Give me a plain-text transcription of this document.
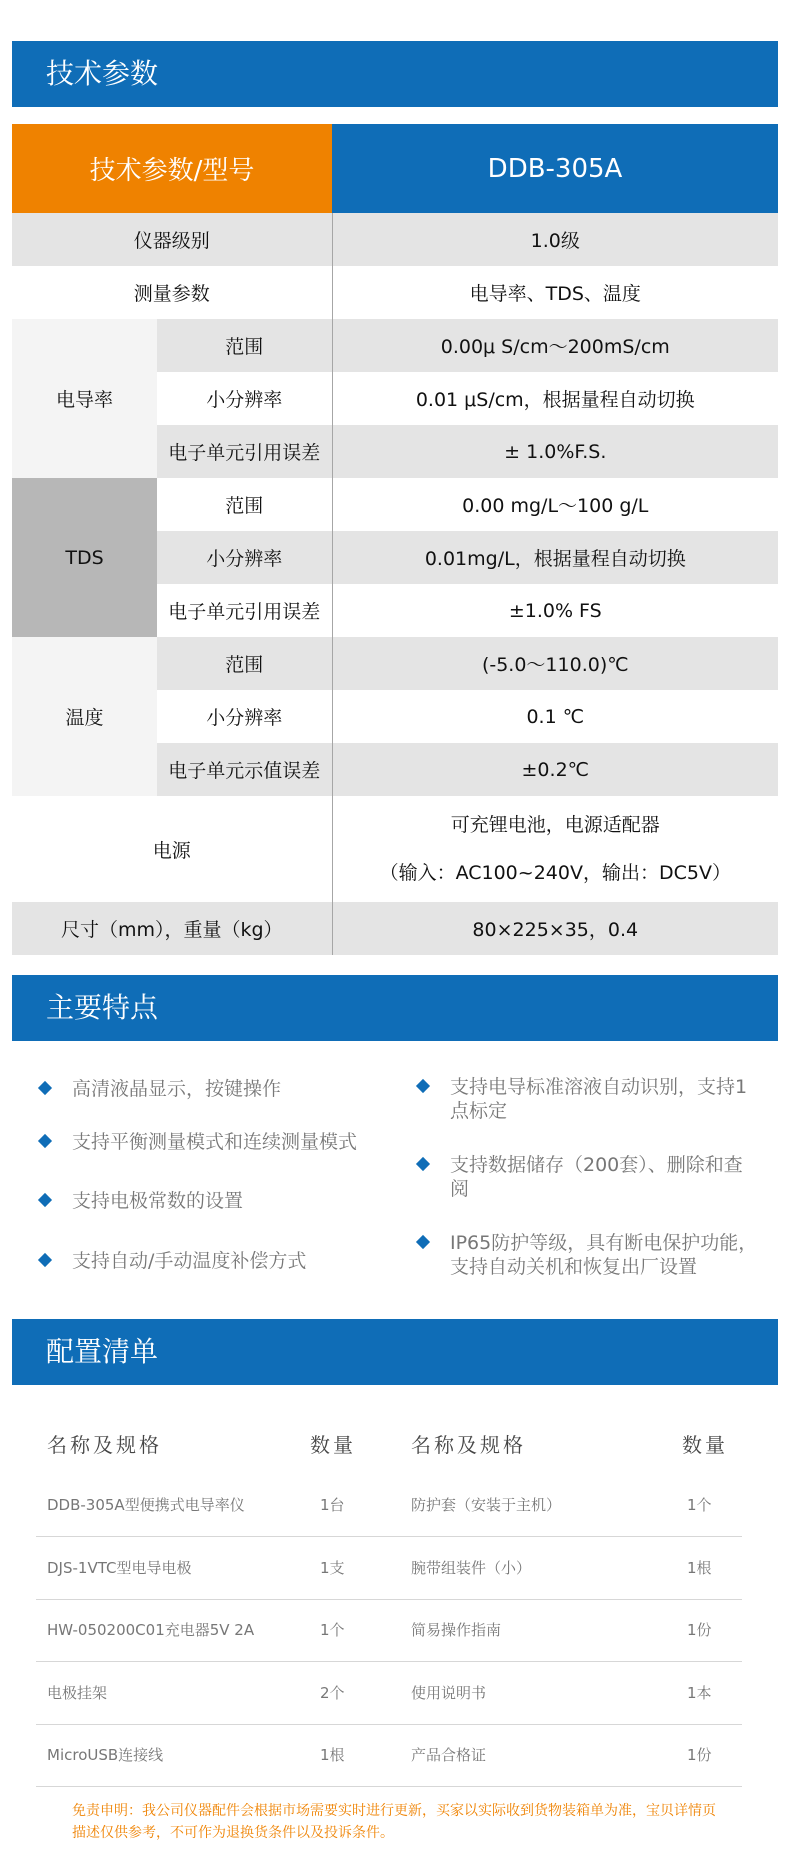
技术参数
技术参数/型号		DDB-305A
仪器级别		1.0级
测量参数		电导率、TDS、温度
电导率	范围	0.00μ S/cm～200mS/cm
	小分辨率	0.01 μS/cm，根据量程自动切换
	电子单元引用误差	± 1.0%F.S.
TDS	范围	0.00 mg/L～100 g/L
	小分辨率	0.01mg/L，根据量程自动切换
	电子单元引用误差	±1.0% FS
温度	范围	(-5.0～110.0)℃
	小分辨率	0.1 ℃
	电子单元示值误差	±0.2℃
电源		可充锂电池，电源适配器
（输入：AC100~240V，输出：DC5V）

尺寸（mm），重量（kg）		80×225×35，0.4
主要特点
高清液晶显示，按键操作
支持平衡测量模式和连续测量模式
支持电极常数的设置
支持自动/手动温度补偿方式
支持电导标准溶液自动识别，支持1
点标定
支持数据储存（200套）、删除和查
阅
IP65防护等级，具有断电保护功能，
支持自动关机和恢复出厂设置
配置清单
名称及规格	数量	名称及规格	数量
DDB-305A型便携式电导率仪	1台	防护套（安装于主机）	1个
DJS-1VTC型电导电极	1支	腕带组装件（小）	1根
HW-050200C01充电器5V 2A	1个	简易操作指南	1份
电极挂架	2个	使用说明书	1本
MicroUSB连接线	1根	产品合格证	1份
免责申明：我公司仪器配件会根据市场需要实时进行更新，买家以实际收到货物装箱单为准，宝贝详情页
描述仅供参考，不可作为退换货条件以及投诉条件。
